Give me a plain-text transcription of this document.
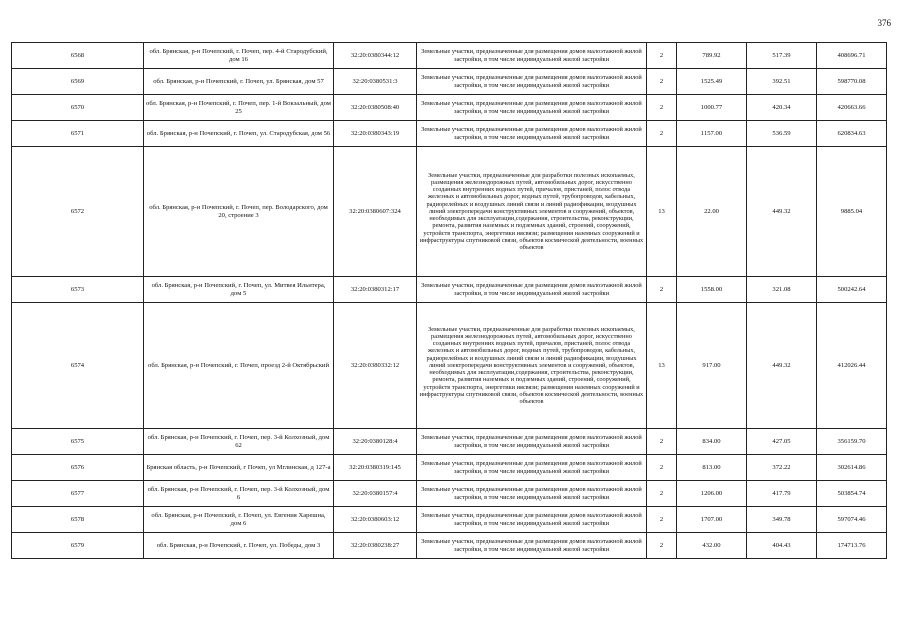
376
6568	обл. Брянская, р-н Почепский, г. Почеп, пер. 4-й Стародубский, дом 16	32:20:0380344:12	Земельные участки, предназначенные для размещения домов малоэтажной жилой застройки, в том числе индивидуальной жилой застройки	2	789.92	517.39	408696.71
6569	обл. Брянская, р-н Почепский, г. Почеп, ул. Брянская, дом 57	32:20:0380531:3	Земельные участки, предназначенные для размещения домов малоэтажной жилой застройки, в том числе индивидуальной жилой застройки	2	1525.49	392.51	598770.08
6570	обл. Брянская, р-н Почепский, г. Почеп, пер. 1-й Вокзальный, дом 25	32:20:0380508:40	Земельные участки, предназначенные для размещения домов малоэтажной жилой застройки, в том числе индивидуальной жилой застройки	2	1000.77	420.34	420663.66
6571	обл. Брянская, р-н Почепский, г. Почеп, ул. Стародубская, дом 56	32:20:0380343:19	Земельные участки, предназначенные для размещения домов малоэтажной жилой застройки, в том числе индивидуальной жилой застройки	2	1157.00	536.59	620834.63
6572	обл. Брянская, р-н Почепский, г. Почеп, пер. Володарского, дом 20, строение 3	32:20:0380607:324	Земельные участки, предназначенные для разработки полезных ископаемых, размещения железнодорожных путей, автомобильных дорог, искусственно созданных внутренних водных путей, причалов, пристаней, полос отвода железных и автомобильных дорог, водных путей, трубопроводов, кабельных, радиорелейных и воздушных линий связи и линий радиофикации, воздушных линий электропередачи конструктивных элементов и сооружений, объектов, необходимых для эксплуатации,содержания, строительства, реконструкции, ремонта, развития наземных и подземных зданий, строений, сооружений, устройств транспорта, энергетики иясвязи; размещения наземных сооружений и инфраструктуры спутниковой связи, объектов космической деятельности, военных объектов	13	22.00	449.32	9885.04
6573	обл. Брянская, р-н Почепский, г. Почеп, ул. Митвея Ильнтера, дом 5	32:20:0380312:17	Земельные участки, предназначенные для размещения домов малоэтажной жилой застройки, в том числе индивидуальной жилой застройки	2	1558.00	321.08	500242.64
6574	обл. Брянская, р-н Почепский, г. Почеп, проезд 2-й Октябрьский	32:20:0380332:12	Земельные участки, предназначенные для разработки полезных ископаемых, размещения железнодорожных путей, автомобильных дорог, искусственно созданных внутренних водных путей, причалов, пристаней, полос отвода железных и автомобильных дорог, водных путей, трубопроводов, кабельных, радиорелейных и воздушных линий связи и линий радиофикации, воздушных линий электропередачи конструктивных элементов и сооружений, объектов, необходимых для эксплуатации,содержания, строительства, реконструкции, ремонта, развития наземных и подземных зданий, строений, сооружений, устройств транспорта, энергетики иясвязи; размещения наземных сооружений и инфраструктуры спутниковой связи, объектов космической деятельности, военных объектов	13	917.00	449.32	412026.44
6575	обл. Брянская, р-н Почепский, г. Почеп, пер. 3-й Колхозный, дом 62	32:20:0380128:4	Земельные участки, предназначенные для размещения домов малоэтажной жилой застройки, в том числе индивидуальной жилой застройки	2	834.00	427.05	356159.70
6576	Брянская область, р-н Почепский, г Почеп, ул Мглинская, д 127-а	32:20:0380319:145	Земельные участки, предназначенные для размещения домов малоэтажной жилой застройки, в том числе индивидуальной жилой застройки	2	813.00	372.22	302614.86
6577	обл. Брянская, р-н Почепский, г. Почеп, пер. 3-й Колхозный, дом 6	32:20:0380157:4	Земельные участки, предназначенные для размещения домов малоэтажной жилой застройки, в том числе индивидуальной жилой застройки	2	1206.00	417.79	503854.74
6578	обл. Брянская, р-н Почепский, г. Почеп, ул. Евгения Харешна, дом 6	32:20:0380603:12	Земельные участки, предназначенные для размещения домов малоэтажной жилой застройки, в том числе индивидуальной жилой застройки	2	1707.00	349.78	597074.46
6579	обл. Брянская, р-н Почепский, г. Почеп, ул. Победы, дом 3	32:20:0380238:27	Земельные участки, предназначенные для размещения домов малоэтажной жилой застройки, в том числе индивидуальной жилой застройки	2	432.00	404.43	174713.76
